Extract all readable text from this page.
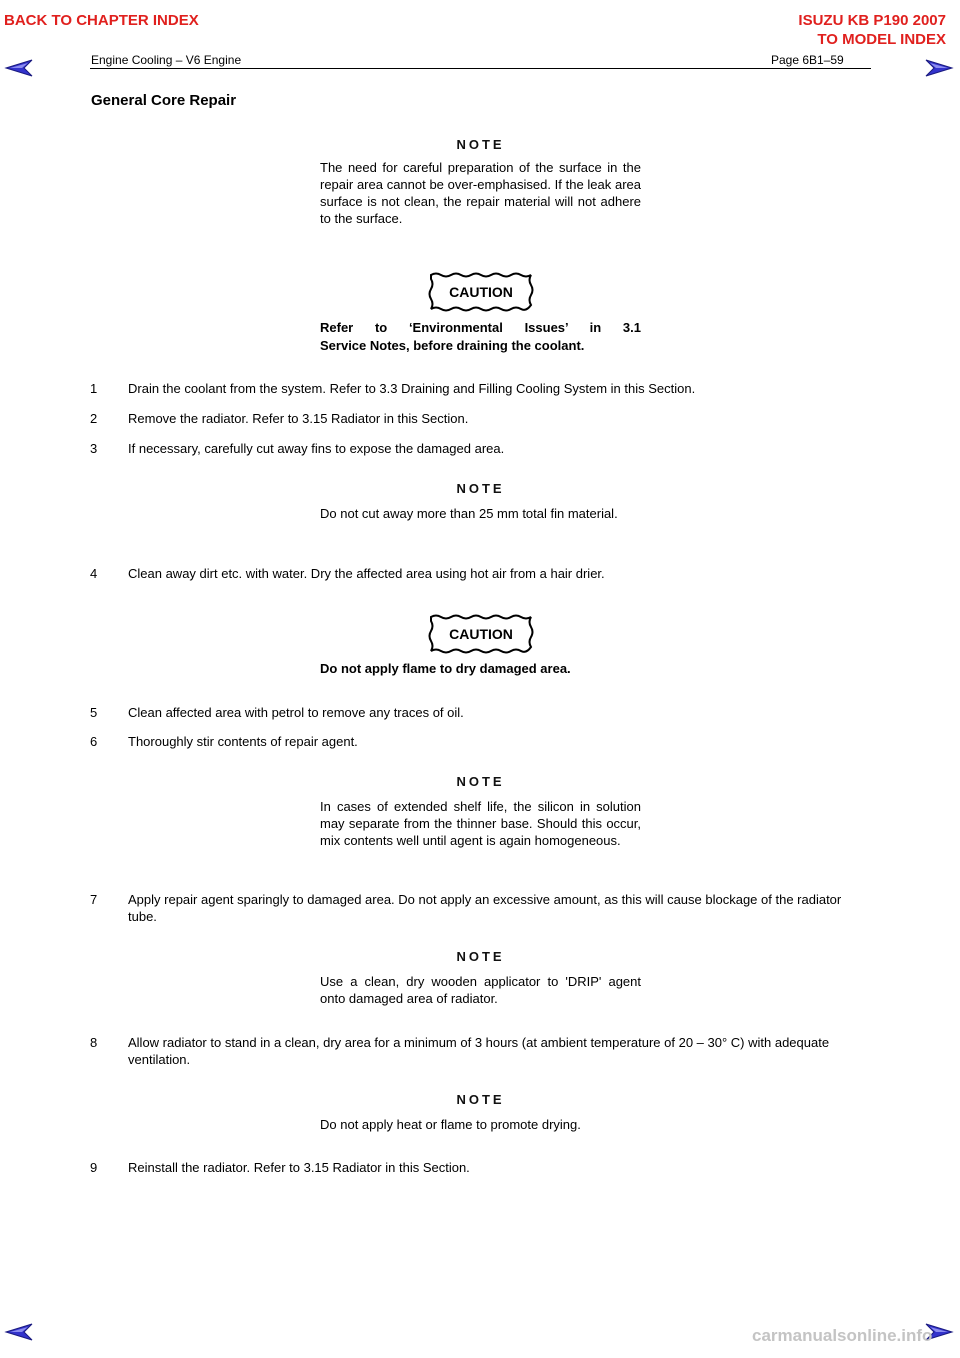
BACK TO CHAPTER INDEX	ISUZU KB P190 2007
TO MODEL INDEX
Engine Cooling – V6 Engine	Page 6B1–59
General Core Repair
NOTE
The need for careful preparation of the surface in the repair area cannot be over-emphasised. If the leak area surface is not clean, the repair material will not adhere to the surface.
CAUTION
Refer to ‘Environmental Issues’ in 3.1
Service Notes, before draining the coolant.
1 Drain the coolant from the system. Refer to 3.3 Draining and Filling Cooling System in this Section.
2 Remove the radiator. Refer to 3.15 Radiator in this Section.
3 If necessary, carefully cut away fins to expose the damaged area.
NOTE
Do not cut away more than 25 mm total fin material.
4 Clean away dirt etc. with water. Dry the affected area using hot air from a hair drier.
CAUTION
Do not apply flame to dry damaged area.
5 Clean affected area with petrol to remove any traces of oil.
6 Thoroughly stir contents of repair agent.
NOTE
In cases of extended shelf life, the silicon in solution may separate from the thinner base. Should this occur, mix contents well until agent is again homogeneous.
7 Apply repair agent sparingly to damaged area. Do not apply an excessive amount, as this will cause blockage of the radiator tube.
NOTE
Use a clean, dry wooden applicator to 'DRIP' agent onto damaged area of radiator.
8 Allow radiator to stand in a clean, dry area for a minimum of 3 hours (at ambient temperature of 20 – 30° C) with adequate ventilation.
NOTE
Do not apply heat or flame to promote drying.
9 Reinstall the radiator. Refer to 3.15 Radiator in this Section.
carmanualsonline.info
